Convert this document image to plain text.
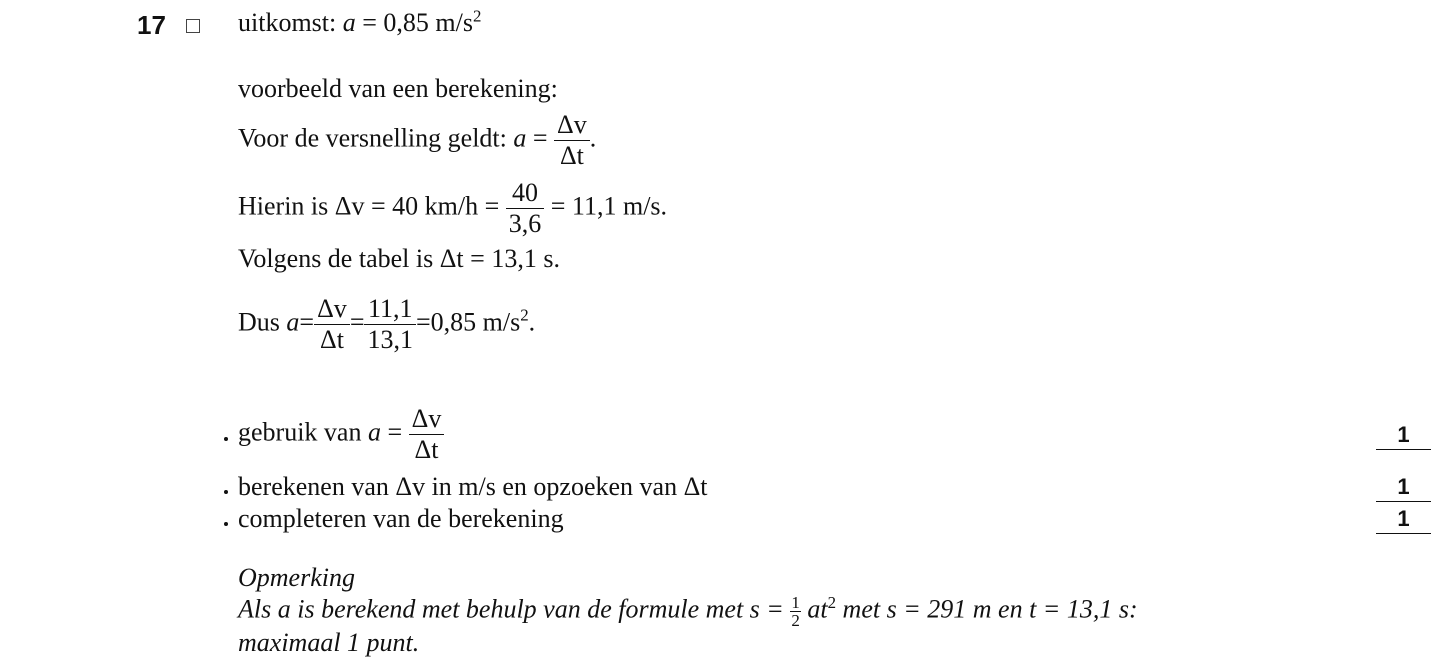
17	uitkomst: a = 0,85 $m/s^2$
voorbeeld van een berekening:
Voor de versnelling geldt: $a = \frac{\Delta v}{\Delta t}$ .
Hierin is Δv = 40 $km/h = \frac{40}{3,6} = 11,1$ m/s.
Volgens de tabel is Δt = 13,1 s.
Dus $a= \frac{\Delta v}{\Delta t} = \frac{11,1}{13,1} =0,85$ $m/s^2$.
gebruik van $a = \frac{\Delta v}{\Delta t}$	1
berekenen van Δv in m/s en opzoeken van Δt	1
completeren van de berekening	1
Opmerking
Als a is berekend met behulp van de formule met $s = \frac{1}{2} at^2$ met s = 291 m en t = 13,1 s:
maximaal 1 punt.
